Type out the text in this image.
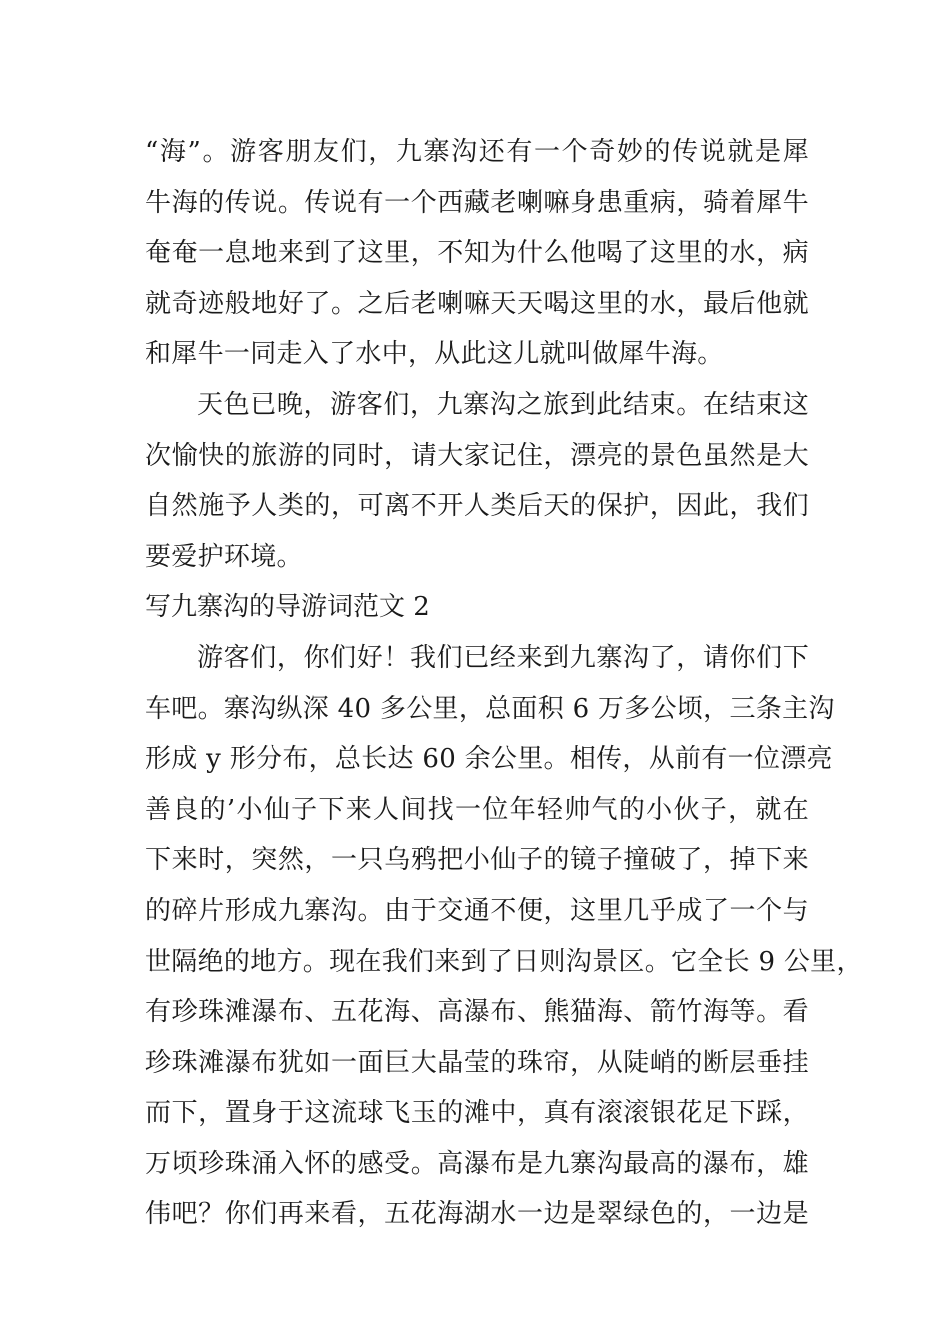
“海”。游客朋友们，九寨沟还有一个奇妙的传说就是犀
牛海的传说。传说有一个西藏老喇嘛身患重病，骑着犀牛
奄奄一息地来到了这里，不知为什么他喝了这里的水，病
就奇迹般地好了。之后老喇嘛天天喝这里的水，最后他就
和犀牛一同走入了水中，从此这儿就叫做犀牛海。
天色已晚，游客们，九寨沟之旅到此结束。在结束这
次愉快的旅游的同时，请大家记住，漂亮的景色虽然是大
自然施予人类的，可离不开人类后天的保护，因此，我们
要爱护环境。
写九寨沟的导游词范文 2
游客们，你们好！我们已经来到九寨沟了，请你们下
车吧。寨沟纵深 40 多公里，总面积 6 万多公顷，三条主沟
形成 y 形分布，总长达 60 余公里。相传，从前有一位漂亮
善良的’小仙子下来人间找一位年轻帅气的小伙子，就在
下来时，突然，一只乌鸦把小仙子的镜子撞破了，掉下来
的碎片形成九寨沟。由于交通不便，这里几乎成了一个与
世隔绝的地方。现在我们来到了日则沟景区。它全长 9 公里，
有珍珠滩瀑布、五花海、高瀑布、熊猫海、箭竹海等。看
珍珠滩瀑布犹如一面巨大晶莹的珠帘，从陡峭的断层垂挂
而下，置身于这流球飞玉的滩中，真有滚滚银花足下踩，
万顷珍珠涌入怀的感受。高瀑布是九寨沟最高的瀑布，雄
伟吧？你们再来看，五花海湖水一边是翠绿色的，一边是
